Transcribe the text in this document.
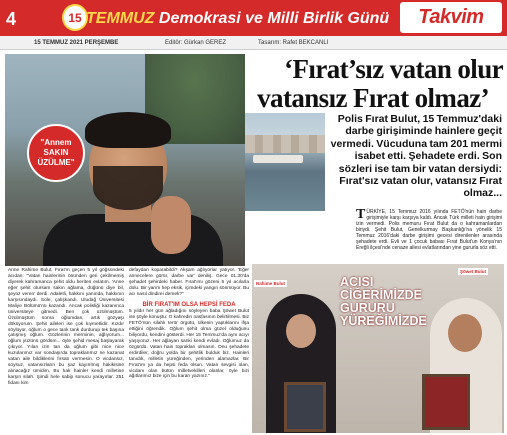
4	15 TEMMUZ Demokrasi ve Milli Birlik Günü	Takvim
15 TEMMUZ 2021 PERŞEMBE	Editör: Gürkan GEREZ	Tasarım: Rafet BEKCANLI
"Annem
SAKIN
ÜZÜLME"
‘Fırat’sız vatan olur
vatansız Fırat olmaz’
Polis Fırat Bulut, 15 Temmuz'daki darbe girişiminde hainlere geçit vermedi. Vücuduna tam 201 mermi isabet etti. Şehadete erdi. Son sözleri ise tam bir vatan dersiydi: Fırat'sız vatan olur, vatansız Fırat olmaz...
T ÜRKİYE, 15 Temmuz 2016 yılında FETÖ'nün hain darbe girişimiyle karşı karşıya kaldı. Ancak Türk milleti hain girişimi izin vermedi. Polis memuru Fırat Bulut da o kahramanlardan biriydi. Şehit Bulut, Genelkurmay Başkanlığı'na yönelik 15 Temmuz 2016'daki darbe girişimi gecesi direnilenler arasında şehadete erdi. Evli ve 1 çocuk babası Fırat Bulut'un Konya'nın Ereğli ilçesi'nde cenaze ailesi evlatlarından yine gururla söz etti.
Anne Rahime Bulut, Fırat'ın geçen 5 yıl göğsündeki acıdan: "Vatan hainlerinin önünden geri çekilmemiş diyerek kahramanca şehit oldu beriten evlatım. 'Anne eğer şehit olursam sakın ağlama, düğünü diye bil, şeyoz veren' derdi. Adaletli, hakkını yanında, hakkının karşısındaydı. Sole, çalışkandı. Uludağ Üniversitesi Maliye Bölümü'nü kazandı. Ancak polisliği kazanınca üniversiteye gitmedi. Ben çok üzülmüştüm. Üzülmüştüm sonra oğlumdan, artık gözyaşı döküyorum. Şehit aileleri ise çok kıymetlidir. Kızdır söylüyor, oğlum o gece tank tank durdurup tek başına çatışmış oğlum. Gözlerinin merminin, ağlıyorum... oğlum yüzünü gördüm... öyle şehid mesaj başlayarak çıkıyor. Yılan izin tan da oğlum gibi nice nice kuzularımız var sondaşırda topraklarımız ne kazanat vatan aile bildiklerini fırsatı vermesin. O vicdansız, soysuz, vatansızların bu şaz kayırılmış hakikisine alınacağız ümidim. Bu hak hainler kendi milletine karşın silah. Şimdi hele sabip sonucu yarayırlar. 251 fidanı kim
defaydan koparabildi? Akşam ağlıyorlar yatıyor. 'Eğer annecelere görür, darbe var' deniliş. Gece 01.30'da şehadet şehirdeki haber. Fırat'ımı gözeni 5 yıl acılarla dolu. Bir yarım hep eksik, içimdeki yangın sönmüyor. Bu acı nasıl dindirei demek?"
BİR FIRAT'IM OLSA HEPSİ FEDA
5 yıldır her gün ağladığını söyleyen baba Şöwet Bulut ise şöyle konuştu: O kahredin nasfasının belirtilmesi. Biz FETÖ'nün silahlı terör örgütü, ülkenin yaptıklarını ifşa ettiğini öğrendik. Oğlum şehit olma güzel olduğunu biliyordu, kendini gösterdi. Her 15 Temmuz'da aynı acıyı yaşıyoruz. Her ağlayan sanki kendi evladı. Oğlumuz da özgürdü. Vatan hain toprakları olmasın. Onu şehadete erdirdiler, doğru yolda bir şehitlik bulduk biz. Hainleri tanıdık, milletin yüreğinden, yerinden alamazlar. Bir Fırat'ım ya da hepsi feda olsun. Vatan sevgisi olan, vicdanı olan bütün milletvekilleri olanlar, öyle bizi ağıtlarımız bize için bu kararı yazınız."
Rahime Bulut
Şöwet Bulut
ACISI
CİĞERİMİZDE
GURURU
YÜREĞİMİZDE
